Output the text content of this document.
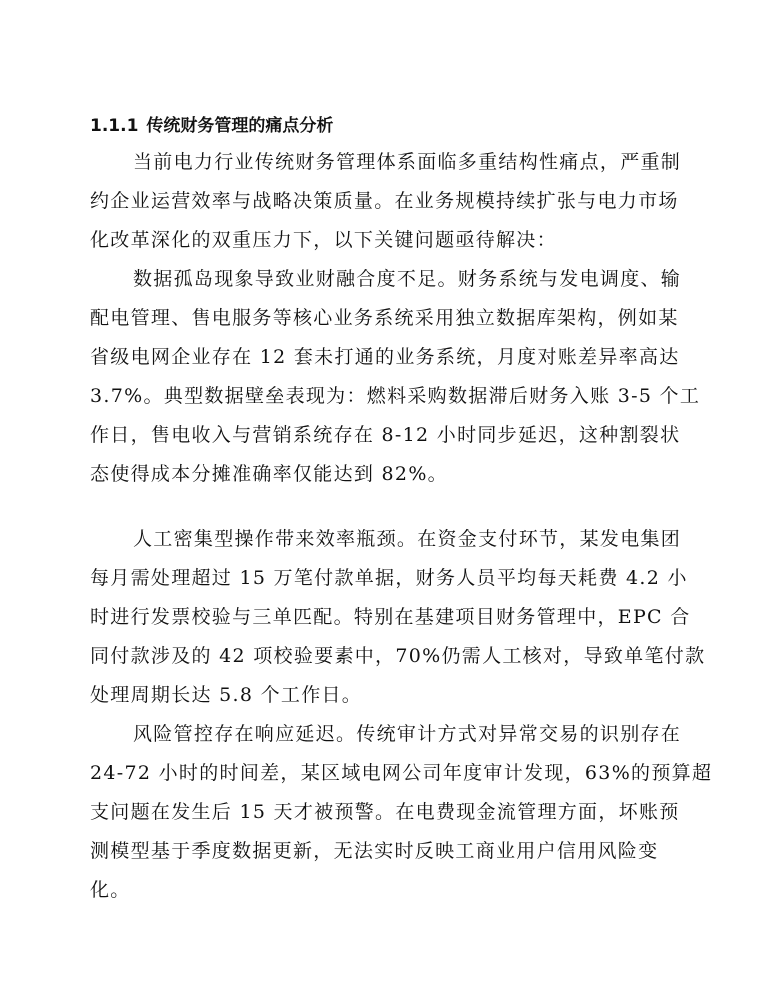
1.1.1 传统财务管理的痛点分析

当前电力行业传统财务管理体系面临多重结构性痛点，严重制

约企业运营效率与战略决策质量。在业务规模持续扩张与电力市场

化改革深化的双重压力下，以下关键问题亟待解决：

数据孤岛现象导致业财融合度不足。财务系统与发电调度、输

配电管理、售电服务等核心业务系统采用独立数据库架构，例如某

省级电网企业存在 12 套未打通的业务系统，月度对账差异率高达

3.7%。典型数据壁垒表现为：燃料采购数据滞后财务入账 3-5 个工

作日，售电收入与营销系统存在 8-12 小时同步延迟，这种割裂状

态使得成本分摊准确率仅能达到 82%。

人工密集型操作带来效率瓶颈。在资金支付环节，某发电集团

每月需处理超过 15 万笔付款单据，财务人员平均每天耗费 4.2 小

时进行发票校验与三单匹配。特别在基建项目财务管理中，EPC 合

同付款涉及的 42 项校验要素中，70%仍需人工核对，导致单笔付款

处理周期长达 5.8 个工作日。

风险管控存在响应延迟。传统审计方式对异常交易的识别存在

24-72 小时的时间差，某区域电网公司年度审计发现，63%的预算超

支问题在发生后 15 天才被预警。在电费现金流管理方面，坏账预

测模型基于季度数据更新，无法实时反映工商业用户信用风险变

化。
